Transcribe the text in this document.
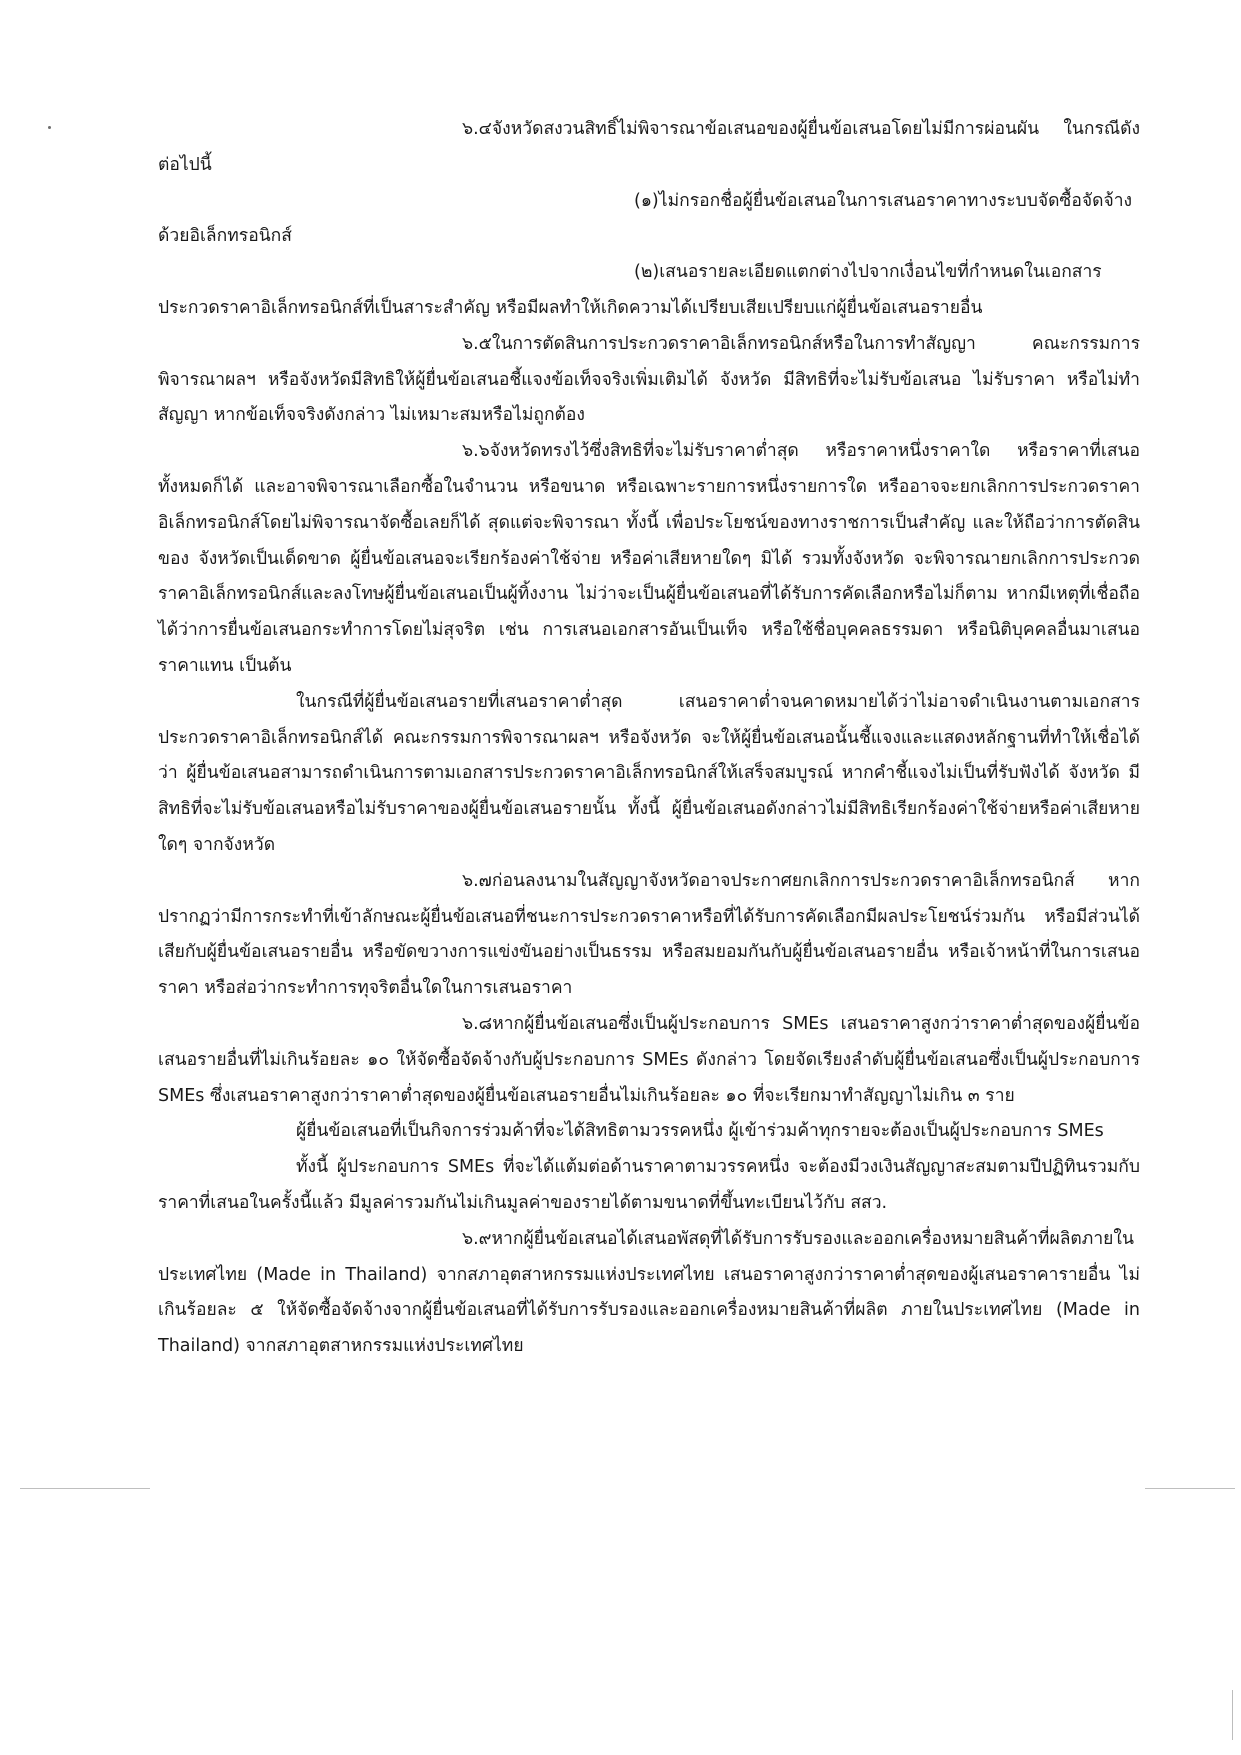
๖.๔จังหวัดสงวนสิทธิ์ไม่พิจารณาข้อเสนอของผู้ยื่นข้อเสนอโดยไม่มีการผ่อนผัน ในกรณีดังต่อไปนี้

(๑)ไม่กรอกชื่อผู้ยื่นข้อเสนอในการเสนอราคาทางระบบจัดซื้อจัดจ้างด้วยอิเล็กทรอนิกส์

(๒)เสนอรายละเอียดแตกต่างไปจากเงื่อนไขที่กำหนดในเอกสารประกวดราคาอิเล็กทรอนิกส์ที่เป็นสาระสำคัญ หรือมีผลทำให้เกิดความได้เปรียบเสียเปรียบแก่ผู้ยื่นข้อเสนอรายอื่น

๖.๕ในการตัดสินการประกวดราคาอิเล็กทรอนิกส์หรือในการทำสัญญา คณะกรรมการพิจารณาผลฯ หรือจังหวัดมีสิทธิให้ผู้ยื่นข้อเสนอชี้แจงข้อเท็จจริงเพิ่มเติมได้ จังหวัด มีสิทธิที่จะไม่รับข้อเสนอ ไม่รับราคา หรือไม่ทำสัญญา หากข้อเท็จจริงดังกล่าว ไม่เหมาะสมหรือไม่ถูกต้อง

๖.๖จังหวัดทรงไว้ซึ่งสิทธิที่จะไม่รับราคาต่ำสุด หรือราคาหนึ่งราคาใด หรือราคาที่เสนอทั้งหมดก็ได้ และอาจพิจารณาเลือกซื้อในจำนวน หรือขนาด หรือเฉพาะรายการหนึ่งรายการใด หรืออาจจะยกเลิกการประกวดราคาอิเล็กทรอนิกส์โดยไม่พิจารณาจัดซื้อเลยก็ได้ สุดแต่จะพิจารณา ทั้งนี้ เพื่อประโยชน์ของทางราชการเป็นสำคัญ และให้ถือว่าการตัดสินของ จังหวัดเป็นเด็ดขาด ผู้ยื่นข้อเสนอจะเรียกร้องค่าใช้จ่าย หรือค่าเสียหายใดๆ มิได้ รวมทั้งจังหวัด จะพิจารณายกเลิกการประกวดราคาอิเล็กทรอนิกส์และลงโทษผู้ยื่นข้อเสนอเป็นผู้ทิ้งงาน ไม่ว่าจะเป็นผู้ยื่นข้อเสนอที่ได้รับการคัดเลือกหรือไม่ก็ตาม หากมีเหตุที่เชื่อถือได้ว่าการยื่นข้อเสนอกระทำการโดยไม่สุจริต เช่น การเสนอเอกสารอันเป็นเท็จ หรือใช้ชื่อบุคคลธรรมดา หรือนิติบุคคลอื่นมาเสนอราคาแทน เป็นต้น

ในกรณีที่ผู้ยื่นข้อเสนอรายที่เสนอราคาต่ำสุด เสนอราคาต่ำจนคาดหมายได้ว่าไม่อาจดำเนินงานตามเอกสารประกวดราคาอิเล็กทรอนิกส์ได้ คณะกรรมการพิจารณาผลฯ หรือจังหวัด จะให้ผู้ยื่นข้อเสนอนั้นชี้แจงและแสดงหลักฐานที่ทำให้เชื่อได้ว่า ผู้ยื่นข้อเสนอสามารถดำเนินการตามเอกสารประกวดราคาอิเล็กทรอนิกส์ให้เสร็จสมบูรณ์ หากคำชี้แจงไม่เป็นที่รับฟังได้ จังหวัด มีสิทธิที่จะไม่รับข้อเสนอหรือไม่รับราคาของผู้ยื่นข้อเสนอรายนั้น ทั้งนี้ ผู้ยื่นข้อเสนอดังกล่าวไม่มีสิทธิเรียกร้องค่าใช้จ่ายหรือค่าเสียหายใดๆ จากจังหวัด

๖.๗ก่อนลงนามในสัญญาจังหวัดอาจประกาศยกเลิกการประกวดราคาอิเล็กทรอนิกส์ หากปรากฏว่ามีการกระทำที่เข้าลักษณะผู้ยื่นข้อเสนอที่ชนะการประกวดราคาหรือที่ได้รับการคัดเลือกมีผลประโยชน์ร่วมกัน หรือมีส่วนได้เสียกับผู้ยื่นข้อเสนอรายอื่น หรือขัดขวางการแข่งขันอย่างเป็นธรรม หรือสมยอมกันกับผู้ยื่นข้อเสนอรายอื่น หรือเจ้าหน้าที่ในการเสนอราคา หรือส่อว่ากระทำการทุจริตอื่นใดในการเสนอราคา

๖.๘หากผู้ยื่นข้อเสนอซึ่งเป็นผู้ประกอบการ SMEs เสนอราคาสูงกว่าราคาต่ำสุดของผู้ยื่นข้อเสนอรายอื่นที่ไม่เกินร้อยละ ๑๐ ให้จัดซื้อจัดจ้างกับผู้ประกอบการ SMEs ดังกล่าว โดยจัดเรียงลำดับผู้ยื่นข้อเสนอซึ่งเป็นผู้ประกอบการ SMEs ซึ่งเสนอราคาสูงกว่าราคาต่ำสุดของผู้ยื่นข้อเสนอรายอื่นไม่เกินร้อยละ ๑๐ ที่จะเรียกมาทำสัญญาไม่เกิน ๓ ราย

ผู้ยื่นข้อเสนอที่เป็นกิจการร่วมค้าที่จะได้สิทธิตามวรรคหนึ่ง ผู้เข้าร่วมค้าทุกรายจะต้องเป็นผู้ประกอบการ SMEs

ทั้งนี้ ผู้ประกอบการ SMEs ที่จะได้แต้มต่อด้านราคาตามวรรคหนึ่ง จะต้องมีวงเงินสัญญาสะสมตามปีปฏิทินรวมกับราคาที่เสนอในครั้งนี้แล้ว มีมูลค่ารวมกันไม่เกินมูลค่าของรายได้ตามขนาดที่ขึ้นทะเบียนไว้กับ สสว.

๖.๙หากผู้ยื่นข้อเสนอได้เสนอพัสดุที่ได้รับการรับรองและออกเครื่องหมายสินค้าที่ผลิตภายในประเทศไทย (Made in Thailand) จากสภาอุตสาหกรรมแห่งประเทศไทย เสนอราคาสูงกว่าราคาต่ำสุดของผู้เสนอราคารายอื่น ไม่เกินร้อยละ ๕ ให้จัดซื้อจัดจ้างจากผู้ยื่นข้อเสนอที่ได้รับการรับรองและออกเครื่องหมายสินค้าที่ผลิต ภายในประเทศไทย (Made in Thailand) จากสภาอุตสาหกรรมแห่งประเทศไทย
